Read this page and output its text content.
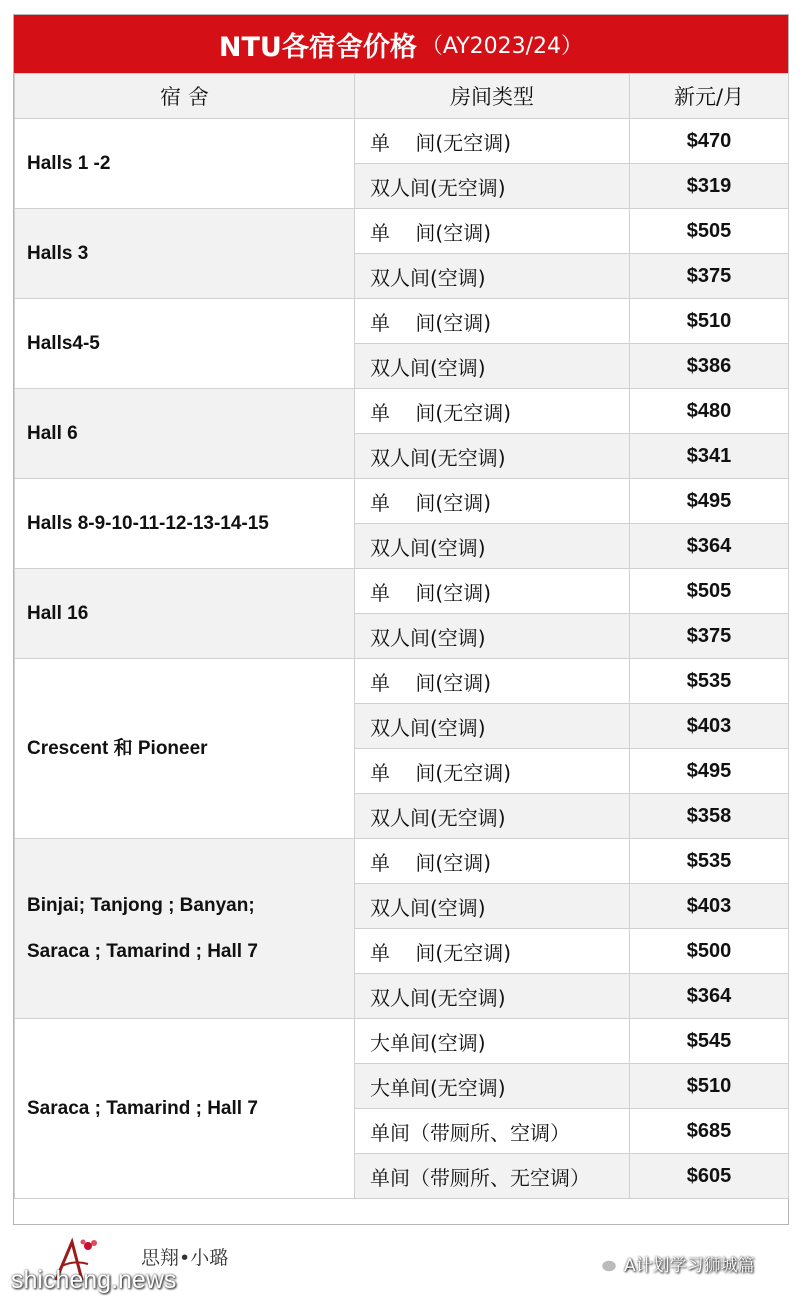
NTU各宿舍价格 （AY2023/24）
宿 舍	房间类型	新元/月

Halls 1 -2	单    间(无空调)	$470
	双人间(无空调)	$319

Halls 3	单    间(空调)	$505
	双人间(空调)	$375

Halls4-5	单    间(空调)	$510
	双人间(空调)	$386

Hall 6	单    间(无空调)	$480
	双人间(无空调)	$341

Halls 8-9-10-11-12-13-14-15	单    间(空调)	$495
	双人间(空调)	$364

Hall 16	单    间(空调)	$505
	双人间(空调)	$375

Crescent 和 Pioneer	单    间(空调)	$535
	双人间(空调)	$403
	单    间(无空调)	$495
	双人间(无空调)	$358

Binjai; Tanjong ; Banyan;
Saraca ; Tamarind ; Hall 7	单    间(空调)	$535
	双人间(空调)	$403
	单    间(无空调)	$500
	双人间(无空调)	$364

Saraca ; Tamarind ; Hall 7	大单间(空调)	$545
	大单间(无空调)	$510
	单间（带厕所、空调）	$685
	单间（带厕所、无空调）	$605
思翔•小璐
shicheng.news	A计划学习狮城篇
